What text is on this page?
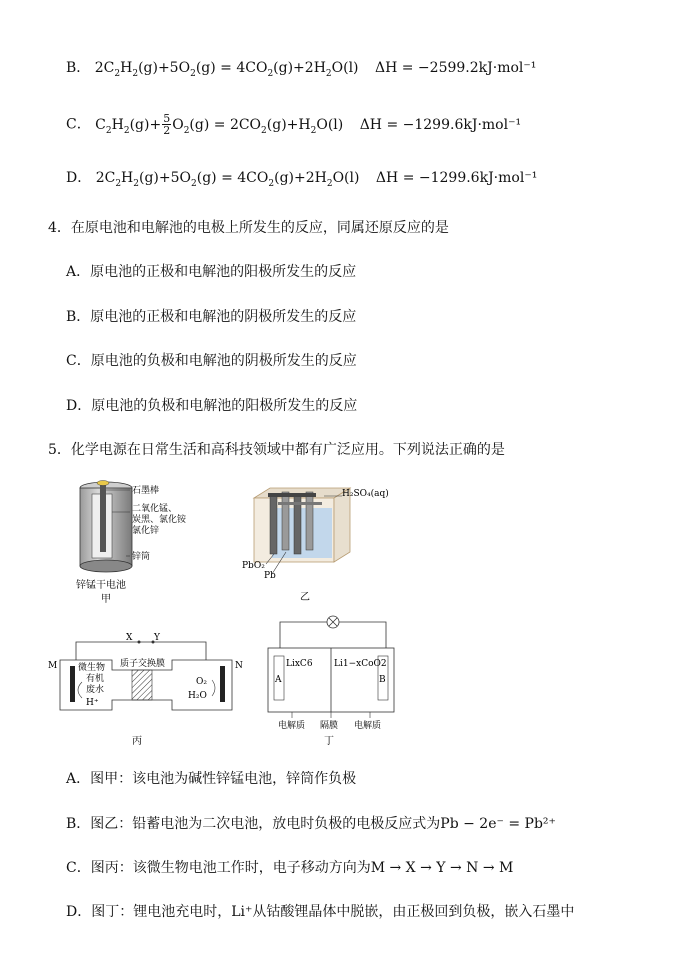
B． $2C_2H_2(g)+5O_2(g) = 4CO_2(g)+2H_2O(l) \Delta H = -2599.2kJ\cdot mol^{-1}$
C． $C_2H_2(g)+ \frac{5}{2} O_2(g) = 2CO_2(g)+H_2O(l) \Delta H = -1299.6kJ\cdot mol^{-1}$
D． $2C_2H_2(g)+5O_2(g) = 4CO_2(g)+2H_2O(l) \Delta H = -1299.6kJ\cdot mol^{-1}$
4．在原电池和电解池的电极上所发生的反应，同属还原反应的是
A．原电池的正极和电解池的阳极所发生的反应
B．原电池的正极和电解池的阴极所发生的反应
C．原电池的负极和电解池的阴极所发生的反应
D．原电池的负极和电解池的阳极所发生的反应
5．化学电源在日常生活和高科技领域中都有广泛应用。下列说法正确的是
石墨棒
二氧化锰、
炭黑、氯化铵
氯化锌
锌筒
锌锰干电池
甲
H₂SO₄(aq)
PbO₂
Pb
乙
X Y
M	N
质子交换膜
微生物
有机
废水
H⁺
O₂
H₂O
丙
A	B
LixC6 Li1−xCoO2
电解质 隔膜 电解质
丁
A．图甲：该电池为碱性锌锰电池，锌筒作负极
B．图乙：铅蓄电池为二次电池，放电时负极的电极反应式为Pb − 2e⁻ = Pb²⁺
C．图丙：该微生物电池工作时，电子移动方向为M → X → Y → N → M
D．图丁：锂电池充电时，Li⁺从钴酸锂晶体中脱嵌，由正极回到负极，嵌入石墨中
